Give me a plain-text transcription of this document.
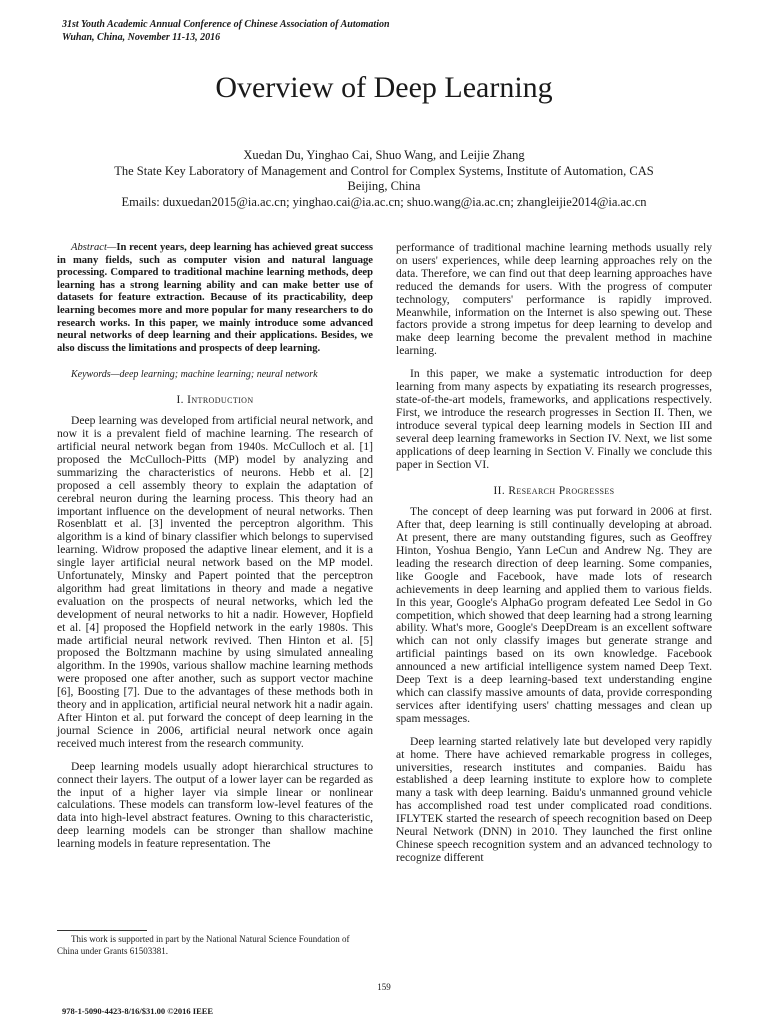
31st Youth Academic Annual Conference of Chinese Association of Automation
Wuhan, China, November 11-13, 2016
Overview of Deep Learning
Xuedan Du, Yinghao Cai, Shuo Wang, and Leijie Zhang
The State Key Laboratory of Management and Control for Complex Systems, Institute of Automation, CAS
Beijing, China
Emails: duxuedan2015@ia.ac.cn; yinghao.cai@ia.ac.cn; shuo.wang@ia.ac.cn; zhangleijie2014@ia.ac.cn

Abstract—In recent years, deep learning has achieved great success in many fields, such as computer vision and natural language processing. Compared to traditional machine learning methods, deep learning has a strong learning ability and can make better use of datasets for feature extraction. Because of its practicability, deep learning becomes more and more popular for many researchers to do research works. In this paper, we mainly introduce some advanced neural networks of deep learning and their applications. Besides, we also discuss the limitations and prospects of deep learning.

Keywords—deep learning; machine learning; neural network

I. Introduction

Deep learning was developed from artificial neural network, and now it is a prevalent field of machine learning. The research of artificial neural network began from 1940s. McCulloch et al. [1] proposed the McCulloch-Pitts (MP) model by analyzing and summarizing the characteristics of neurons. Hebb et al. [2] proposed a cell assembly theory to explain the adaptation of cerebral neuron during the learning process. This theory had an important influence on the development of neural networks. Then Rosenblatt et al. [3] invented the perceptron algorithm. This algorithm is a kind of binary classifier which belongs to supervised learning. Widrow proposed the adaptive linear element, and it is a single layer artificial neural network based on the MP model. Unfortunately, Minsky and Papert pointed that the perceptron algorithm had great limitations in theory and made a negative evaluation on the prospects of neural networks, which led the development of neural networks to hit a nadir. However, Hopfield et al. [4] proposed the Hopfield network in the early 1980s. This made artificial neural network revived. Then Hinton et al. [5] proposed the Boltzmann machine by using simulated annealing algorithm. In the 1990s, various shallow machine learning methods were proposed one after another, such as support vector machine [6], Boosting [7]. Due to the advantages of these methods both in theory and in application, artificial neural network hit a nadir again. After Hinton et al. put forward the concept of deep learning in the journal Science in 2006, artificial neural network once again received much interest from the research community.

Deep learning models usually adopt hierarchical structures to connect their layers. The output of a lower layer can be regarded as the input of a higher layer via simple linear or nonlinear calculations. These models can transform low-level features of the data into high-level abstract features. Owning to this characteristic, deep learning models can be stronger than shallow machine learning models in feature representation. The

performance of traditional machine learning methods usually rely on users' experiences, while deep learning approaches rely on the data. Therefore, we can find out that deep learning approaches have reduced the demands for users. With the progress of computer technology, computers' performance is rapidly improved. Meanwhile, information on the Internet is also spewing out. These factors provide a strong impetus for deep learning to develop and make deep learning become the prevalent method in machine learning.

In this paper, we make a systematic introduction for deep learning from many aspects by expatiating its research progresses, state-of-the-art models, frameworks, and applications respectively. First, we introduce the research progresses in Section II. Then, we introduce several typical deep learning models in Section III and several deep learning frameworks in Section IV. Next, we list some applications of deep learning in Section V. Finally we conclude this paper in Section VI.

II. Research Progresses

The concept of deep learning was put forward in 2006 at first. After that, deep learning is still continually developing at abroad. At present, there are many outstanding figures, such as Geoffrey Hinton, Yoshua Bengio, Yann LeCun and Andrew Ng. They are leading the research direction of deep learning. Some companies, like Google and Facebook, have made lots of research achievements in deep learning and applied them to various fields. In this year, Google's AlphaGo program defeated Lee Sedol in Go competition, which showed that deep learning had a strong learning ability. What's more, Google's DeepDream is an excellent software which can not only classify images but generate strange and artificial paintings based on its own knowledge. Facebook announced a new artificial intelligence system named Deep Text. Deep Text is a deep learning-based text understanding engine which can classify massive amounts of data, provide corresponding services after identifying users' chatting messages and clean up spam messages.

Deep learning started relatively late but developed very rapidly at home. There have achieved remarkable progress in colleges, universities, research institutes and companies. Baidu has established a deep learning institute to explore how to complete many a task with deep learning. Baidu's unmanned ground vehicle has accomplished road test under complicated road conditions. IFLYTEK started the research of speech recognition based on Deep Neural Network (DNN) in 2010. They launched the first online Chinese speech recognition system and an advanced technology to recognize different

This work is supported in part by the National Natural Science Foundation of China under Grants 61503381.
159
978-1-5090-4423-8/16/$31.00 ©2016 IEEE
